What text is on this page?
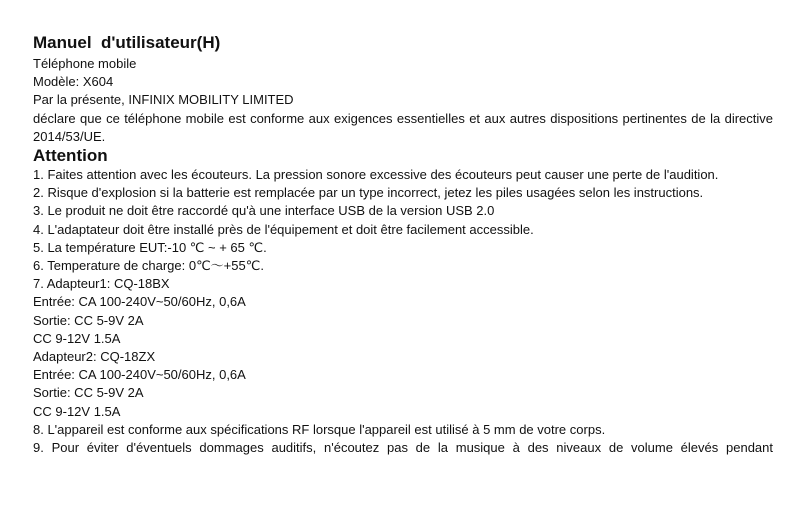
Manuel  d'utilisateur(H)
Téléphone mobile
Modèle: X604
Par la présente, INFINIX MOBILITY LIMITED
déclare que ce téléphone mobile est conforme aux exigences essentielles et aux autres dispositions pertinentes de la directive 2014/53/UE.
Attention
1. Faites attention avec les écouteurs. La pression sonore excessive des écouteurs peut causer une perte de l'audition.
2. Risque d'explosion si la batterie est remplacée par un type incorrect, jetez les piles usagées selon les instructions.
3. Le produit ne doit être raccordé qu'à une interface USB de la version USB 2.0
4. L'adaptateur doit être installé près de l'équipement et doit être facilement accessible.
5. La température EUT:-10 ℃ ~ + 65 ℃.
6. Temperature de charge: 0℃～+55℃.
7. Adapteur1: CQ-18BX
Entrée: CA 100-240V~50/60Hz, 0,6A
Sortie: CC 5-9V 2A
CC 9-12V 1.5A
Adapteur2: CQ-18ZX
Entrée: CA 100-240V~50/60Hz, 0,6A
Sortie: CC 5-9V 2A
CC 9-12V 1.5A
8. L'appareil est conforme aux spécifications RF lorsque l'appareil est utilisé à 5 mm de votre corps.
9. Pour éviter d'éventuels dommages auditifs, n'écoutez pas de la musique à des niveaux de volume élevés pendant
